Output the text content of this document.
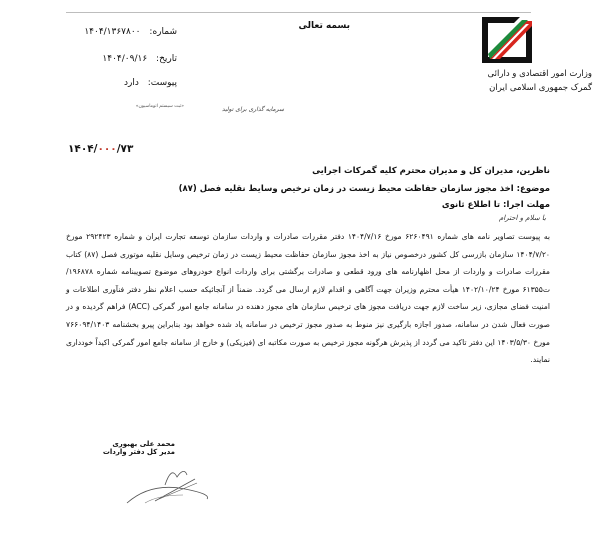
بسمه تعالی
وزارت امور اقتصادی و دارائی
گمرک جمهوری اسلامی ایران
شماره: ۱۴۰۴/۱۳۶۷۸۰۰
تاریخ: ۱۴۰۴/۰۹/۱۶
پیوست: دارد
«ثبت سیستم اتوماسیون»	سرمایه گذاری برای تولید
۱۴۰۴/۰۰۰/۷۳
ناظرین، مدیران کل و مدیران محترم کلیه گمرکات اجرایی
موضوع: اخذ مجوز سازمان حفاظت محیط زیست در زمان ترخیص وسایط نقلیه فصل (۸۷)
مهلت اجرا: تا اطلاع ثانوی
با سلام و احترام

به پیوست تصاویر نامه های شماره ۶۲۶۰۴۹۱ مورخ ۱۴۰۴/۷/۱۶ دفتر مقررات صادرات و واردات سازمان توسعه تجارت ایران و شماره ۲۹۲۴۲۳ مورخ ۱۴۰۴/۷/۲۰ سازمان بازرسی کل کشور درخصوص نیاز به اخذ مجوز سازمان حفاظت محیط زیست در زمان ترخیص وسایل نقلیه موتوری فصل (۸۷) کتاب مقررات صادرات و واردات از محل اظهارنامه های ورود قطعی و صادرات برگشتی برای واردات انواع خودروهای موضوع تصویبنامه شماره ۱۹۶۸۷۸/ت۶۱۳۵۵ مورخ ۱۴۰۲/۱۰/۲۴ هیأت محترم وزیران جهت آگاهی و اقدام لازم ارسال می گردد. ضمناً از آنجائیکه حسب اعلام نظر دفتر فنآوری اطلاعات و امنیت فضای مجازی، زیر ساخت لازم جهت دریافت مجوز های ترخیص سازمان های مجوز دهنده در سامانه جامع امور گمرکی (ACC) فراهم گردیده و در صورت فعال شدن در سامانه، صدور اجازه بارگیری نیز منوط به صدور مجوز ترخیص در سامانه یاد شده خواهد بود بنابراین پیرو بخشنامه ۷۶۶۰۹۴/۱۴۰۳ مورخ ۱۴۰۳/۵/۳۰ این دفتر تاکید می گردد از پذیرش هرگونه مجوز ترخیص به صورت مکاتبه ای (فیزیکی) و خارج از سامانه جامع امور گمرکی اکیداً خودداری نمایند.

محمد علی بهبوری
مدیر کل دفتر واردات
